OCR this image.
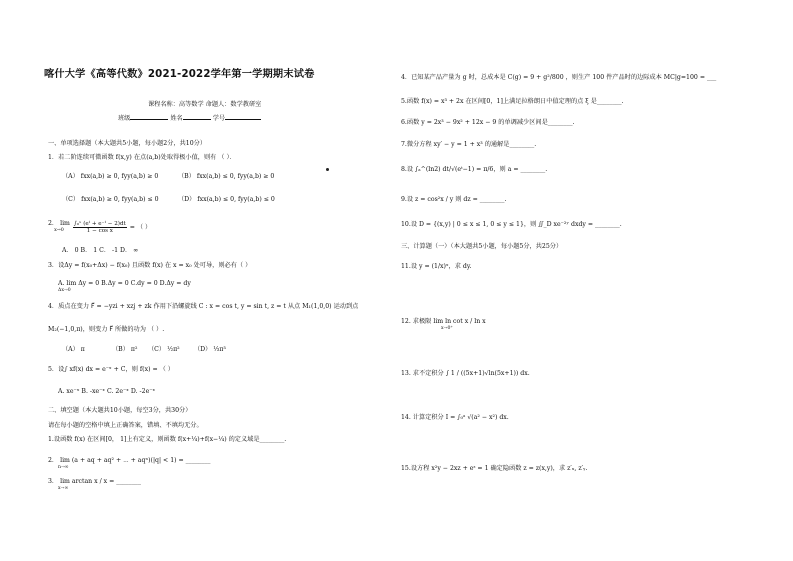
喀什大学《高等代数》2021-2022学年第一学期期末试卷
课程名称：高等数学 命题人：数学教研室
班级	姓名	学号
一、单项选择题（本大题共5小题，每小题2分，共10分）
1．若二阶连续可微函数 f(x,y) 在点(a,b)处取得极小值，则有 （ ）．
（A） fxx(a,b) ≥ 0, fyy(a,b) ≥ 0	（B） fxx(a,b) ≤ 0, fyy(a,b) ≥ 0
（C） fxx(a,b) ≥ 0, fyy(a,b) ≤ 0	（D） fxx(a,b) ≤ 0, fyy(a,b) ≤ 0
2． lim
$x\to 0 \frac{\text{∫₀ˣ (eᵗ + e⁻ᵗ − 2)dt}}{\text{1 − cos x}}$ = （ ）
A． 0 B． 1 C． -1 D． ∞
3．设Δy = f(x₀+Δx) − f(x₀) 且函数 f(x) 在 x = x₀ 处可导，则必有（ ）
A. lim Δy = 0 B.Δy = 0 C.dy = 0 D.Δy = dy
Δx→0
4．质点在变力 F⃗ = −yzi + xzj + zk 作用下沿螺旋线 C : x = cos t, y = sin t, z = t 从点 M₁(1,0,0) 运动到点
M₂(−1,0,π)，则变力 F⃗ 所做的功为 （ ）.
（A） π	（B） π² （C） ½π² （D） ⅓π³
5．设∫ xf(x) dx = e⁻ˣ + C，则 f(x) = （ ）
A. xe⁻ˣ B. -xe⁻ˣ C. 2e⁻ˣ D. -2e⁻ˣ
二、填空题（本大题共10小题，每空3分，共30分）
请在每小题的空格中填上正确答案，错填、不填均无分。
1.设函数 f(x) 在区间[0， 1]上有定义，则函数 f(x+¼)+f(x−¼) 的定义域是________.
2． lim (a + aq + aq² + ⋯ + aqⁿ)(|q| < 1) = ________
n→∞
3． lim arctan x / x = ________
x→∞
4．已知某产品产量为 g 时，总成本是 C(g) = 9 + g²/800 ，则生产 100 件产品时的边际成本 MC|g=100 = ___
5.函数 f(x) = x³ + 2x 在区间[0，1]上满足拉格朗日中值定理的点 ξ 是________.
6.函数 y = 2x³ − 9x² + 12x − 9 的单调减少区间是________.
7.微分方程 xy′ − y = 1 + x³ 的通解是________.
8.设 ∫ₐ^(ln2) dt/√(eᵗ−1) = π/6，则 a = ________.
9.设 z = cos²x / y 则 dz = ________.
10.设 D = {(x,y) | 0 ≤ x ≤ 1, 0 ≤ y ≤ 1}，则 ∬_D xe⁻²ʸ dxdy = ________.
三、计算题（一）（本大题共5小题，每小题5分，共25分）
11.设 y = (1/x)ˣ，求 dy.
12. 求极限 lim ln cot x / ln x
x→0⁺
13. 求不定积分 ∫ 1 / ((5x+1)√ln(5x+1)) dx.
14. 计算定积分 I = ∫₀ᵃ √(a² − x²) dx.
15.设方程 x²y − 2xz + eᶻ = 1 确定隐函数 z = z(x,y)，求 z′ₓ, z′ᵧ.
